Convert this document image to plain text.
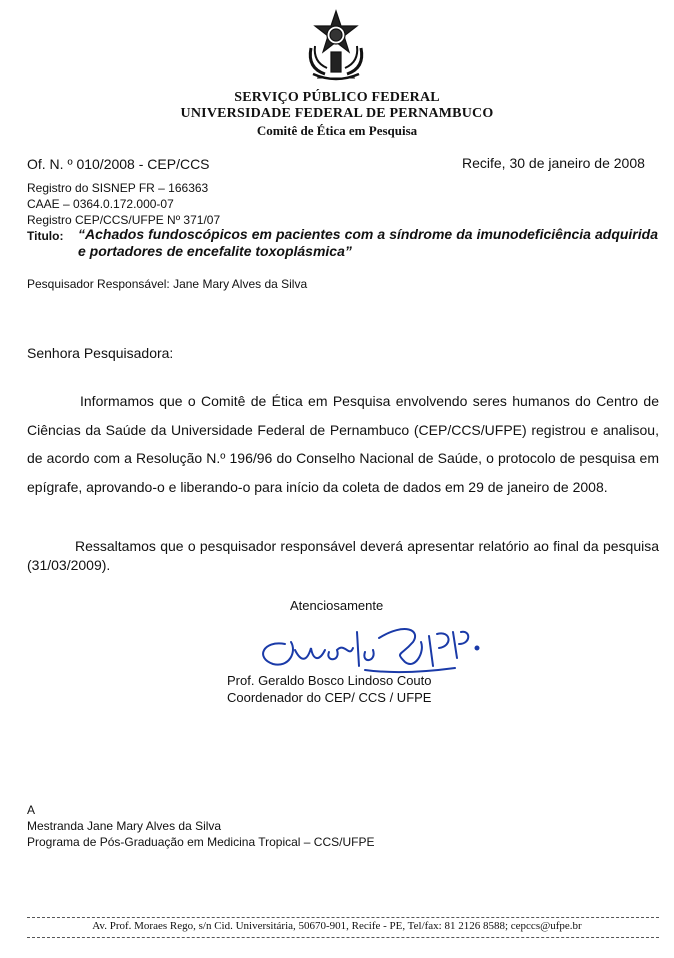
SERVIÇO PÚBLICO FEDERAL
UNIVERSIDADE FEDERAL DE PERNAMBUCO
Comitê de Ética em Pesquisa
Of. N. º 010/2008 - CEP/CCS	Recife, 30 de janeiro de 2008
Registro do SISNEP FR – 166363
CAAE – 0364.0.172.000-07
Registro CEP/CCS/UFPE Nº 371/07
Titulo: “Achados fundoscópicos em pacientes com a síndrome da imunodeficiência adquirida e portadores de encefalite toxoplásmica”
Pesquisador Responsável: Jane Mary Alves da Silva
Senhora Pesquisadora:
Informamos que o Comitê de Ética em Pesquisa envolvendo seres humanos do Centro de Ciências da Saúde da Universidade Federal de Pernambuco (CEP/CCS/UFPE) registrou e analisou, de acordo com a Resolução N.º 196/96 do Conselho Nacional de Saúde, o protocolo de pesquisa em epígrafe, aprovando-o e liberando-o para início da coleta de dados em 29 de janeiro de 2008.
Ressaltamos que o pesquisador responsável deverá apresentar relatório ao final da pesquisa (31/03/2009).
Atenciosamente
Prof. Geraldo Bosco Lindoso Couto
Coordenador do CEP/ CCS / UFPE
A
Mestranda Jane Mary Alves da Silva
Programa de Pós-Graduação em Medicina Tropical – CCS/UFPE
Av. Prof. Moraes Rego, s/n Cid. Universitária, 50670-901, Recife - PE, Tel/fax: 81 2126 8588; cepccs@ufpe.br
